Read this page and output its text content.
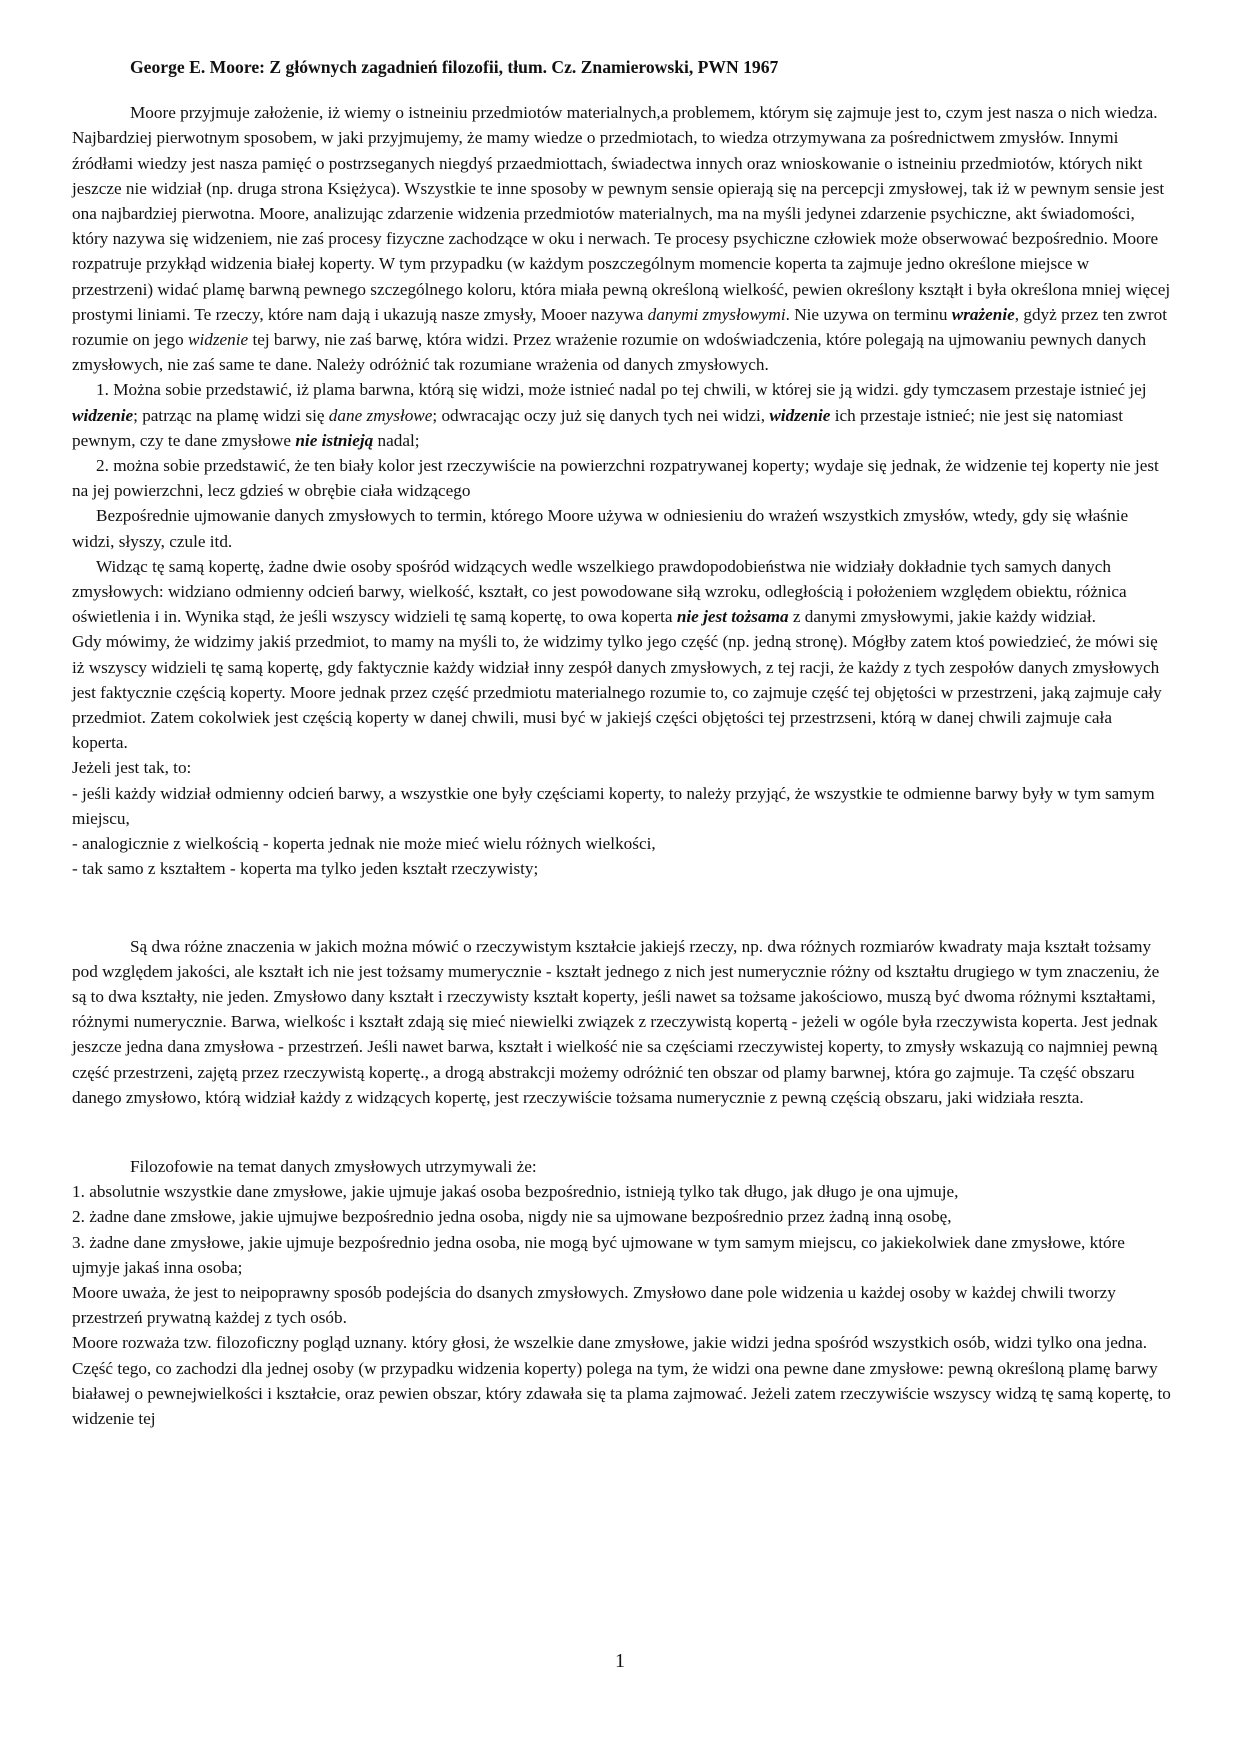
George E. Moore: Z głównych zagadnień filozofii, tłum. Cz. Znamierowski, PWN 1967

Moore przyjmuje założenie, iż wiemy o istneiniu przedmiotów materialnych,a problemem, którym się zajmuje jest to, czym jest nasza o nich wiedza. Najbardziej pierwotnym sposobem, w jaki przyjmujemy, że mamy wiedze o przedmiotach, to wiedza otrzymywana za pośrednictwem zmysłów. Innymi źródłami wiedzy jest nasza pamięć o postrzseganych niegdyś przaedmiottach, świadectwa innych oraz wnioskowanie o istneiniu przedmiotów, których nikt jeszcze nie widział (np. druga strona Księżyca). Wszystkie te inne sposoby w pewnym sensie opierają się na percepcji zmysłowej, tak iż w pewnym sensie jest ona najbardziej pierwotna. Moore, analizując zdarzenie widzenia przedmiotów materialnych, ma na myśli jedynei zdarzenie psychiczne, akt świadomości, który nazywa się widzeniem, nie zaś procesy fizyczne zachodzące w oku i nerwach. Te procesy psychiczne człowiek może obserwować bezpośrednio. Moore rozpatruje przykłąd widzenia białej koperty. W tym przypadku (w każdym poszczególnym momencie koperta ta zajmuje jedno określone miejsce w przestrzeni) widać plamę barwną pewnego szczególnego koloru, która miała pewną określoną wielkość, pewien określony ksztąłt i była określona mniej więcej prostymi liniami. Te rzeczy, które nam dają i ukazują nasze zmysły, Mooer nazywa danymi zmysłowymi. Nie uzywa on terminu wrażenie, gdyż przez ten zwrot rozumie on jego widzenie tej barwy, nie zaś barwę, która widzi. Przez wrażenie rozumie on wdoświadczenia, które polegają na ujmowaniu pewnych danych zmysłowych, nie zaś same te dane. Należy odróżnić tak rozumiane wrażenia od danych zmysłowych.

1. Można sobie przedstawić, iż plama barwna, którą się widzi, może istnieć nadal po tej chwili, w której sie ją widzi. gdy tymczasem przestaje istnieć jej widzenie; patrząc na plamę widzi się dane zmysłowe; odwracając oczy już się danych tych nei widzi, widzenie ich przestaje istnieć; nie jest się natomiast pewnym, czy te dane zmysłowe nie istnieją nadal;

2. można sobie przedstawić, że ten biały kolor jest rzeczywiście na powierzchni rozpatrywanej koperty; wydaje się jednak, że widzenie tej koperty nie jest na jej powierzchni, lecz gdzieś w obrębie ciała widzącego

Bezpośrednie ujmowanie danych zmysłowych to termin, którego Moore używa w odniesieniu do wrażeń wszystkich zmysłów, wtedy, gdy się właśnie widzi, słyszy, czule itd.

Widząc tę samą kopertę, żadne dwie osoby spośród widzących wedle wszelkiego prawdopodobieństwa nie widziały dokładnie tych samych danych zmysłowych: widziano odmienny odcień barwy, wielkość, kształt, co jest powodowane siłą wzroku, odległością i położeniem względem obiektu, różnica oświetlenia i in. Wynika stąd, że jeśli wszyscy widzieli tę samą kopertę, to owa koperta nie jest tożsama z danymi zmysłowymi, jakie każdy widział.

Gdy mówimy, że widzimy jakiś przedmiot, to mamy na myśli to, że widzimy tylko jego część (np. jedną stronę). Mógłby zatem ktoś powiedzieć, że mówi się iż wszyscy widzieli tę samą kopertę, gdy faktycznie każdy widział inny zespół danych zmysłowych, z tej racji, że każdy z tych zespołów danych zmysłowych jest faktycznie częścią koperty. Moore jednak przez część przedmiotu materialnego rozumie to, co zajmuje część tej objętości w przestrzeni, jaką zajmuje cały przedmiot. Zatem cokolwiek jest częścią koperty w danej chwili, musi być w jakiejś części objętości tej przestrzseni, którą w danej chwili zajmuje cała koperta.

Jeżeli jest tak, to:

- jeśli każdy widział odmienny odcień barwy, a wszystkie one były częściami koperty, to należy przyjąć, że wszystkie te odmienne barwy były w tym samym miejscu,

- analogicznie z wielkością - koperta jednak nie może mieć wielu różnych wielkości,

- tak samo z kształtem - koperta ma tylko jeden kształt rzeczywisty;

Są dwa różne znaczenia w jakich można mówić o rzeczywistym kształcie jakiejś rzeczy, np. dwa różnych rozmiarów kwadraty maja kształt tożsamy pod względem jakości, ale kształt ich nie jest tożsamy mumerycznie - kształt jednego z nich jest numerycznie różny od kształtu drugiego w tym znaczeniu, że są to dwa kształty, nie jeden. Zmysłowo dany kształt i rzeczywisty kształt koperty, jeśli nawet sa tożsame jakościowo, muszą być dwoma różnymi kształtami, różnymi numerycznie. Barwa, wielkośc i kształt zdają się mieć niewielki związek z rzeczywistą kopertą - jeżeli w ogóle była rzeczywista koperta. Jest jednak jeszcze jedna dana zmysłowa - przestrzeń. Jeśli nawet barwa, kształt i wielkość nie sa częściami rzeczywistej koperty, to zmysły wskazują co najmniej pewną część przestrzeni, zajętą przez rzeczywistą kopertę., a drogą abstrakcji możemy odróżnić ten obszar od plamy barwnej, która go zajmuje. Ta część obszaru danego zmysłowo, którą widział każdy z widzących kopertę, jest rzeczywiście tożsama numerycznie z pewną częścią obszaru, jaki widziała reszta.

Filozofowie na temat danych zmysłowych utrzymywali że:

1. absolutnie wszystkie dane zmysłowe, jakie ujmuje jakaś osoba bezpośrednio, istnieją tylko tak długo, jak długo je ona ujmuje,

2. żadne dane zmsłowe, jakie ujmujwe bezpośrednio jedna osoba, nigdy nie sa ujmowane bezpośrednio przez żadną inną osobę,

3. żadne dane zmysłowe, jakie ujmuje bezpośrednio jedna osoba, nie mogą być ujmowane w tym samym miejscu, co jakiekolwiek dane zmysłowe, które ujmyje jakaś inna osoba;

Moore uważa, że jest to neipoprawny sposób podejścia do dsanych zmysłowych. Zmysłowo dane pole widzenia u każdej osoby w każdej chwili tworzy przestrzeń prywatną każdej z tych osób.

Moore rozważa tzw. filozoficzny pogląd uznany. który głosi, że wszelkie dane zmysłowe, jakie widzi jedna spośród wszystkich osób, widzi tylko ona jedna. Część tego, co zachodzi dla jednej osoby (w przypadku widzenia koperty) polega na tym, że widzi ona pewne dane zmysłowe: pewną określoną plamę barwy białawej o pewnejwielkości i kształcie, oraz pewien obszar, który zdawała się ta plama zajmować. Jeżeli zatem rzeczywiście wszyscy widzą tę samą kopertę, to widzenie tej

1
